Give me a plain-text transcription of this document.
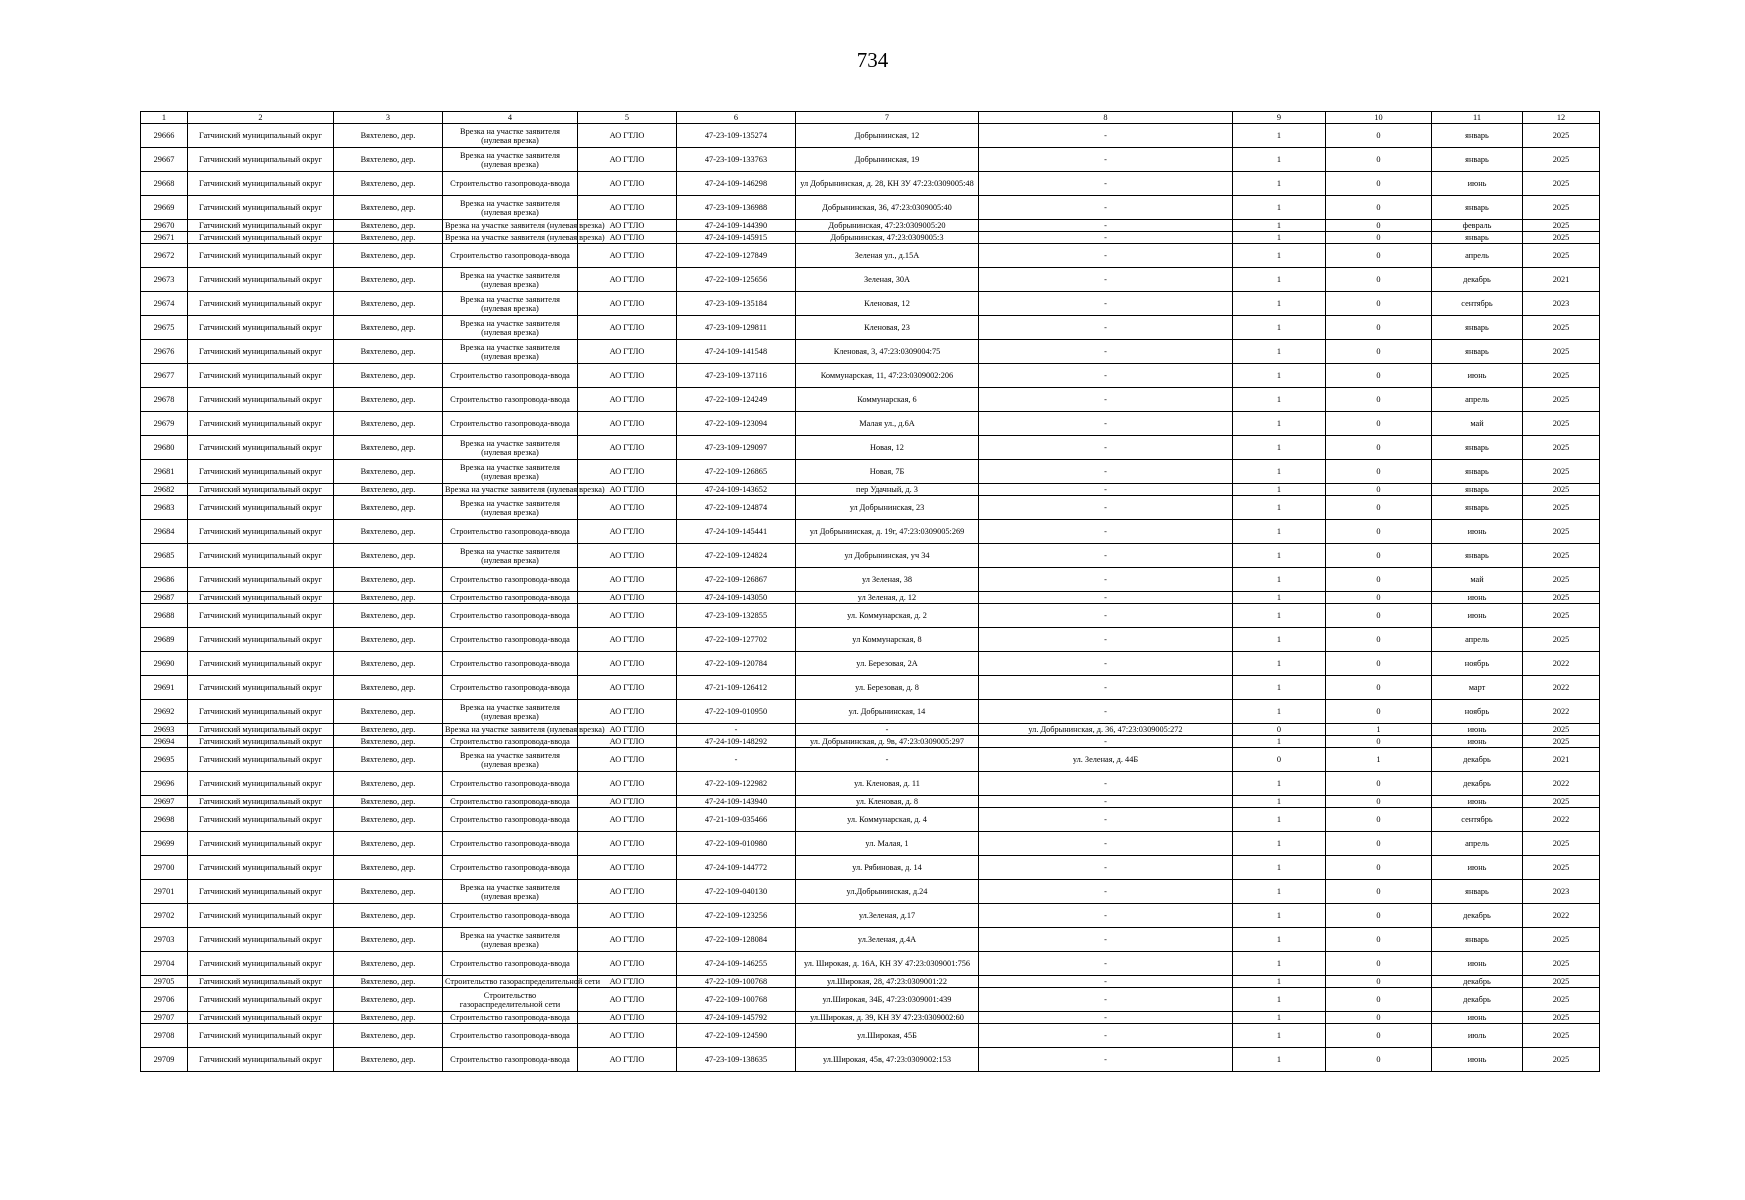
734
1	2	3	4	5	6	7	8	9	10	11	12
29666	Гатчинский муниципальный округ	Вяхтелево, дер.	Врезка на участке заявителя (нулевая врезка)	АО ГТЛО	47-23-109-135274	Добрынинская, 12	-	1	0	январь	2025
29667	Гатчинский муниципальный округ	Вяхтелево, дер.	Врезка на участке заявителя (нулевая врезка)	АО ГТЛО	47-23-109-133763	Добрынинская, 19	-	1	0	январь	2025
29668	Гатчинский муниципальный округ	Вяхтелево, дер.	Строительство газопровода-ввода	АО ГТЛО	47-24-109-146298	ул Добрынинская, д. 28, КН ЗУ 47:23:0309005:48	-	1	0	июнь	2025
29669	Гатчинский муниципальный округ	Вяхтелево, дер.	Врезка на участке заявителя (нулевая врезка)	АО ГТЛО	47-23-109-136988	Добрынинская, 36, 47:23:0309005:40	-	1	0	январь	2025
29670	Гатчинский муниципальный округ	Вяхтелево, дер.	Врезка на участке заявителя (нулевая врезка)	АО ГТЛО	47-24-109-144390	Добрынинская, 47:23:0309005:20	-	1	0	февраль	2025
29671	Гатчинский муниципальный округ	Вяхтелево, дер.	Врезка на участке заявителя (нулевая врезка)	АО ГТЛО	47-24-109-145915	Добрынинская, 47:23:0309005:3	-	1	0	январь	2025
29672	Гатчинский муниципальный округ	Вяхтелево, дер.	Строительство газопровода-ввода	АО ГТЛО	47-22-109-127849	Зеленая ул., д.15А	-	1	0	апрель	2025
29673	Гатчинский муниципальный округ	Вяхтелево, дер.	Врезка на участке заявителя (нулевая врезка)	АО ГТЛО	47-22-109-125656	Зеленая, 30А	-	1	0	декабрь	2021
29674	Гатчинский муниципальный округ	Вяхтелево, дер.	Врезка на участке заявителя (нулевая врезка)	АО ГТЛО	47-23-109-135184	Кленовая, 12	-	1	0	сентябрь	2023
29675	Гатчинский муниципальный округ	Вяхтелево, дер.	Врезка на участке заявителя (нулевая врезка)	АО ГТЛО	47-23-109-129811	Кленовая, 23	-	1	0	январь	2025
29676	Гатчинский муниципальный округ	Вяхтелево, дер.	Врезка на участке заявителя (нулевая врезка)	АО ГТЛО	47-24-109-141548	Кленовая, 3, 47:23:0309004:75	-	1	0	январь	2025
29677	Гатчинский муниципальный округ	Вяхтелево, дер.	Строительство газопровода-ввода	АО ГТЛО	47-23-109-137116	Коммунарская, 11, 47:23:0309002:206	-	1	0	июнь	2025
29678	Гатчинский муниципальный округ	Вяхтелево, дер.	Строительство газопровода-ввода	АО ГТЛО	47-22-109-124249	Коммунарская, 6	-	1	0	апрель	2025
29679	Гатчинский муниципальный округ	Вяхтелево, дер.	Строительство газопровода-ввода	АО ГТЛО	47-22-109-123094	Малая ул., д.6А	-	1	0	май	2025
29680	Гатчинский муниципальный округ	Вяхтелево, дер.	Врезка на участке заявителя (нулевая врезка)	АО ГТЛО	47-23-109-129097	Новая, 12	-	1	0	январь	2025
29681	Гатчинский муниципальный округ	Вяхтелево, дер.	Врезка на участке заявителя (нулевая врезка)	АО ГТЛО	47-22-109-126865	Новая, 7Б	-	1	0	январь	2025
29682	Гатчинский муниципальный округ	Вяхтелево, дер.	Врезка на участке заявителя (нулевая врезка)	АО ГТЛО	47-24-109-143652	пер Удачный, д. 3	-	1	0	январь	2025
29683	Гатчинский муниципальный округ	Вяхтелево, дер.	Врезка на участке заявителя (нулевая врезка)	АО ГТЛО	47-22-109-124874	ул Добрынинская, 23	-	1	0	январь	2025
29684	Гатчинский муниципальный округ	Вяхтелево, дер.	Строительство газопровода-ввода	АО ГТЛО	47-24-109-145441	ул Добрынинская, д. 19г, 47:23:0309005:269	-	1	0	июнь	2025
29685	Гатчинский муниципальный округ	Вяхтелево, дер.	Врезка на участке заявителя (нулевая врезка)	АО ГТЛО	47-22-109-124824	ул Добрынинская, уч 34	-	1	0	январь	2025
29686	Гатчинский муниципальный округ	Вяхтелево, дер.	Строительство газопровода-ввода	АО ГТЛО	47-22-109-126867	ул Зеленая, 38	-	1	0	май	2025
29687	Гатчинский муниципальный округ	Вяхтелево, дер.	Строительство газопровода-ввода	АО ГТЛО	47-24-109-143050	ул Зеленая, д. 12	-	1	0	июнь	2025
29688	Гатчинский муниципальный округ	Вяхтелево, дер.	Строительство газопровода-ввода	АО ГТЛО	47-23-109-132855	ул. Коммунарская, д. 2	-	1	0	июнь	2025
29689	Гатчинский муниципальный округ	Вяхтелево, дер.	Строительство газопровода-ввода	АО ГТЛО	47-22-109-127702	ул Коммунарская, 8	-	1	0	апрель	2025
29690	Гатчинский муниципальный округ	Вяхтелево, дер.	Строительство газопровода-ввода	АО ГТЛО	47-22-109-120784	ул. Березовая, 2А	-	1	0	ноябрь	2022
29691	Гатчинский муниципальный округ	Вяхтелево, дер.	Строительство газопровода-ввода	АО ГТЛО	47-21-109-126412	ул. Березовая, д. 8	-	1	0	март	2022
29692	Гатчинский муниципальный округ	Вяхтелево, дер.	Врезка на участке заявителя (нулевая врезка)	АО ГТЛО	47-22-109-010950	ул. Добрынинская, 14	-	1	0	ноябрь	2022
29693	Гатчинский муниципальный округ	Вяхтелево, дер.	Врезка на участке заявителя (нулевая врезка)	АО ГТЛО	-	-	ул. Добрынинская, д. 36, 47:23:0309005:272	0	1	июнь	2025
29694	Гатчинский муниципальный округ	Вяхтелево, дер.	Строительство газопровода-ввода	АО ГТЛО	47-24-109-148292	ул. Добрынинская, д. 9в, 47:23:0309005:297	-	1	0	июнь	2025
29695	Гатчинский муниципальный округ	Вяхтелево, дер.	Врезка на участке заявителя (нулевая врезка)	АО ГТЛО	-	-	ул. Зеленая, д. 44Б	0	1	декабрь	2021
29696	Гатчинский муниципальный округ	Вяхтелево, дер.	Строительство газопровода-ввода	АО ГТЛО	47-22-109-122982	ул. Кленовая, д. 11	-	1	0	декабрь	2022
29697	Гатчинский муниципальный округ	Вяхтелево, дер.	Строительство газопровода-ввода	АО ГТЛО	47-24-109-143940	ул. Кленовая, д. 8	-	1	0	июнь	2025
29698	Гатчинский муниципальный округ	Вяхтелево, дер.	Строительство газопровода-ввода	АО ГТЛО	47-21-109-035466	ул. Коммунарская, д. 4	-	1	0	сентябрь	2022
29699	Гатчинский муниципальный округ	Вяхтелево, дер.	Строительство газопровода-ввода	АО ГТЛО	47-22-109-010980	ул. Малая, 1	-	1	0	апрель	2025
29700	Гатчинский муниципальный округ	Вяхтелево, дер.	Строительство газопровода-ввода	АО ГТЛО	47-24-109-144772	ул. Рябиновая, д. 14	-	1	0	июнь	2025
29701	Гатчинский муниципальный округ	Вяхтелево, дер.	Врезка на участке заявителя (нулевая врезка)	АО ГТЛО	47-22-109-040130	ул.Добрынинская, д.24	-	1	0	январь	2023
29702	Гатчинский муниципальный округ	Вяхтелево, дер.	Строительство газопровода-ввода	АО ГТЛО	47-22-109-123256	ул.Зеленая, д.17	-	1	0	декабрь	2022
29703	Гатчинский муниципальный округ	Вяхтелево, дер.	Врезка на участке заявителя (нулевая врезка)	АО ГТЛО	47-22-109-128084	ул.Зеленая, д.4А	-	1	0	январь	2025
29704	Гатчинский муниципальный округ	Вяхтелево, дер.	Строительство газопровода-ввода	АО ГТЛО	47-24-109-146255	ул. Широкая, д. 16А, КН ЗУ 47:23:0309001:756	-	1	0	июнь	2025
29705	Гатчинский муниципальный округ	Вяхтелево, дер.	Строительство газораспределительной сети	АО ГТЛО	47-22-109-100768	ул.Широкая, 28, 47:23:0309001:22	-	1	0	декабрь	2025
29706	Гатчинский муниципальный округ	Вяхтелево, дер.	Строительство газораспределительной сети	АО ГТЛО	47-22-109-100768	ул.Широкая, 34Б, 47:23:0309001:439	-	1	0	декабрь	2025
29707	Гатчинский муниципальный округ	Вяхтелево, дер.	Строительство газопровода-ввода	АО ГТЛО	47-24-109-145792	ул.Широкая, д. 39, КН ЗУ 47:23:0309002:60	-	1	0	июнь	2025
29708	Гатчинский муниципальный округ	Вяхтелево, дер.	Строительство газопровода-ввода	АО ГТЛО	47-22-109-124590	ул.Широкая, 45Б	-	1	0	июль	2025
29709	Гатчинский муниципальный округ	Вяхтелево, дер.	Строительство газопровода-ввода	АО ГТЛО	47-23-109-138635	ул.Широкая, 45в, 47:23:0309002:153	-	1	0	июнь	2025
